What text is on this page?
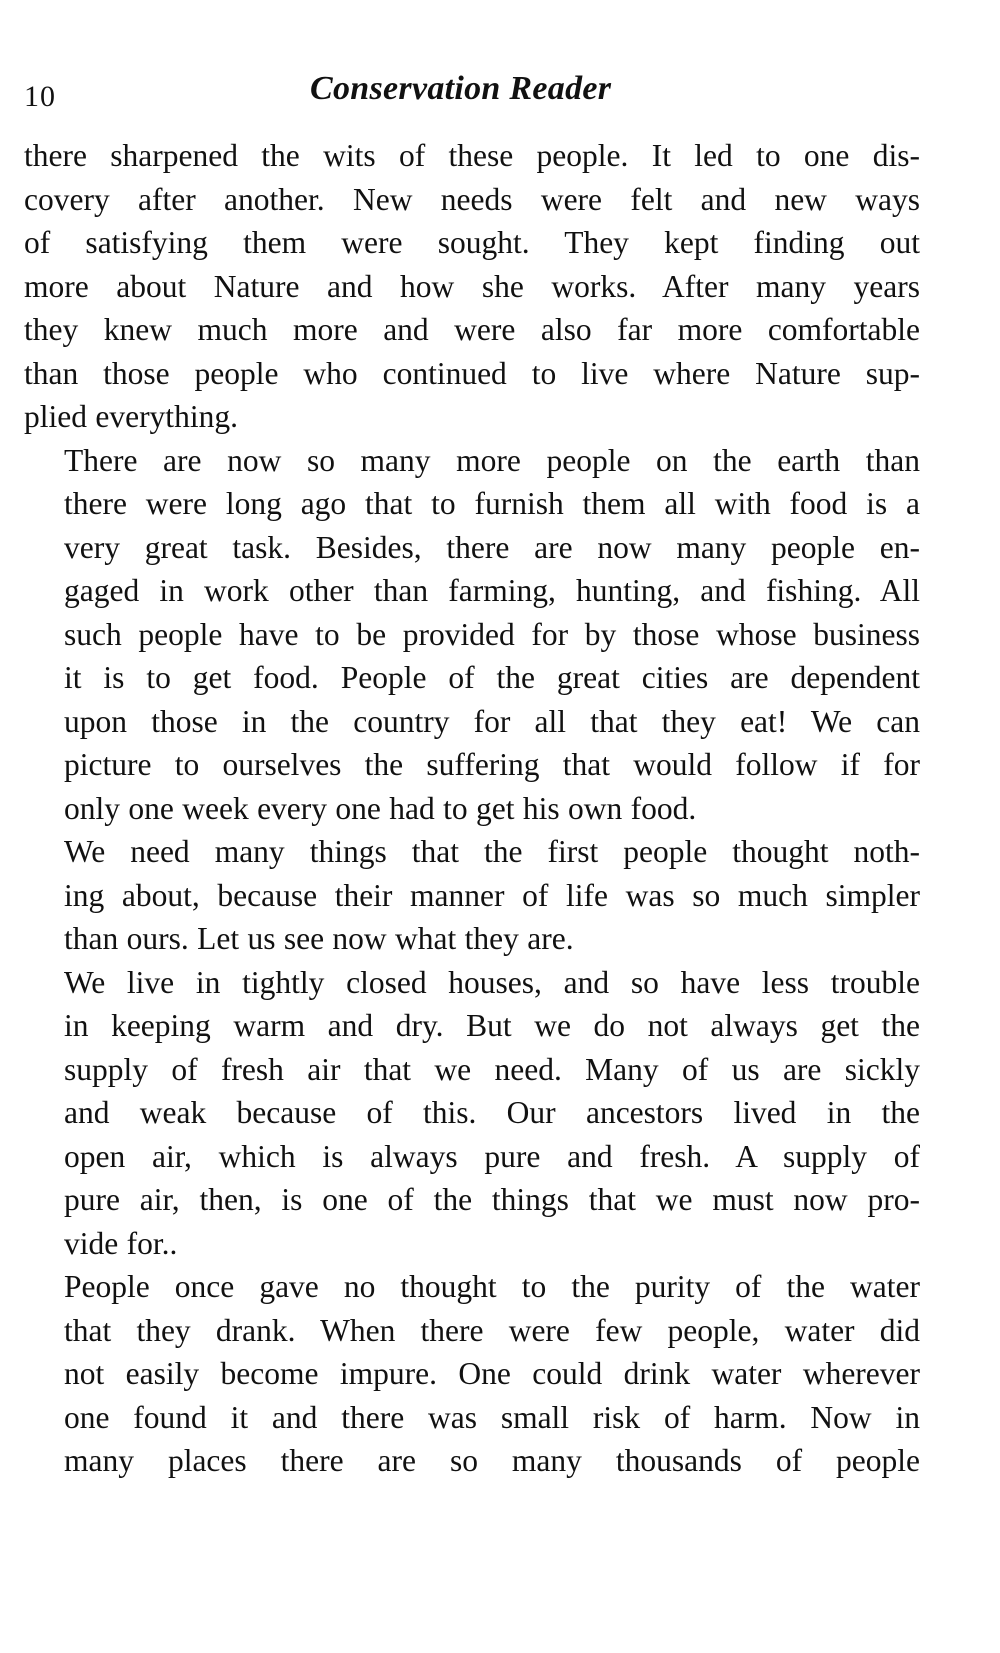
10	Conservation Reader
there sharpened the wits of these people. It led to one dis-
covery after another. New needs were felt and new ways
of satisfying them were sought. They kept finding out
more about Nature and how she works. After many years
they knew much more and were also far more comfortable
than those people who continued to live where Nature sup-
plied everything.
There are now so many more people on the earth than
there were long ago that to furnish them all with food is a
very great task. Besides, there are now many people en-
gaged in work other than farming, hunting, and fishing. All
such people have to be provided for by those whose business
it is to get food. People of the great cities are dependent
upon those in the country for all that they eat! We can
picture to ourselves the suffering that would follow if for
only one week every one had to get his own food.
We need many things that the first people thought noth-
ing about, because their manner of life was so much simpler
than ours. Let us see now what they are.
We live in tightly closed houses, and so have less trouble
in keeping warm and dry. But we do not always get the
supply of fresh air that we need. Many of us are sickly
and weak because of this. Our ancestors lived in the
open air, which is always pure and fresh. A supply of
pure air, then, is one of the things that we must now pro-
vide for..
People once gave no thought to the purity of the water
that they drank. When there were few people, water did
not easily become impure. One could drink water wherever
one found it and there was small risk of harm. Now in
many places there are so many thousands of people
